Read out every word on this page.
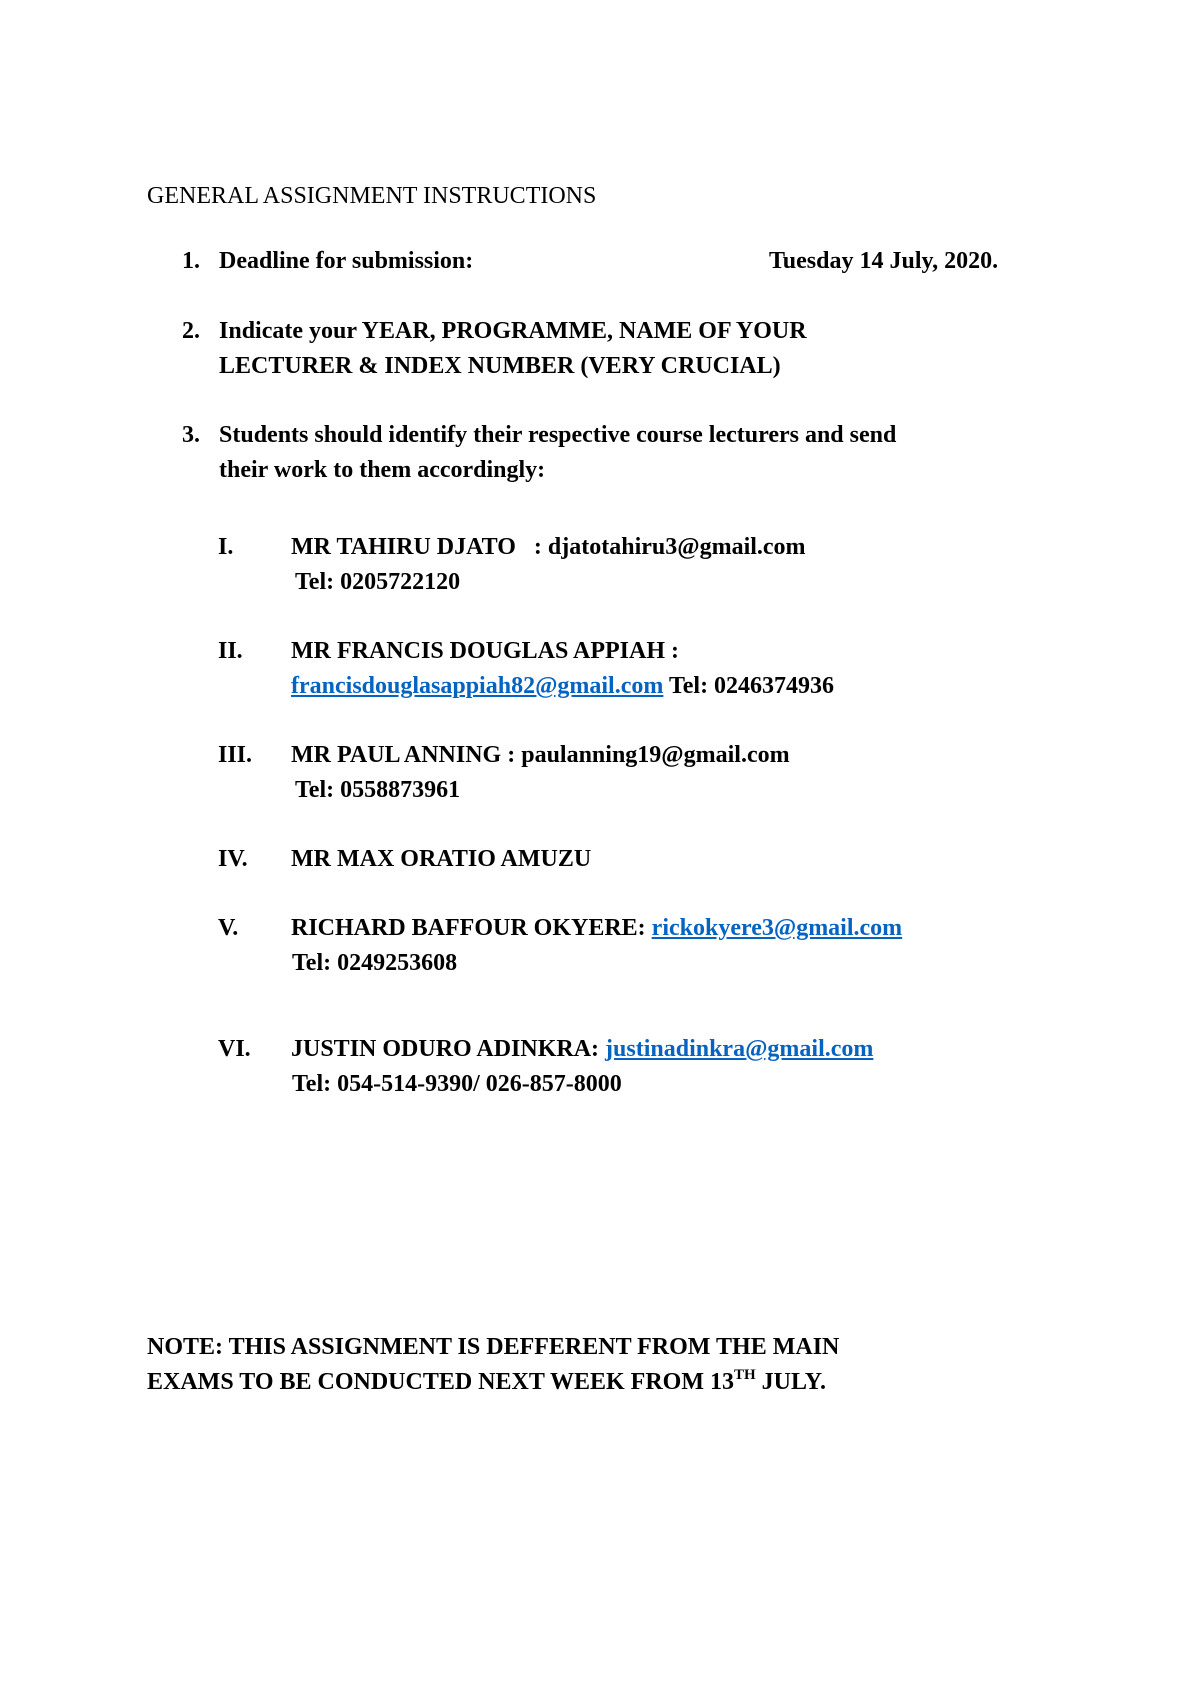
GENERAL ASSIGNMENT INSTRUCTIONS
1. Deadline for submission:	Tuesday 14 July, 2020.
2. Indicate your YEAR, PROGRAMME, NAME OF YOUR
LECTURER & INDEX NUMBER (VERY CRUCIAL)
3. Students should identify their respective course lecturers and send
their work to them accordingly:
I.	MR TAHIRU DJATO   : djatotahiru3@gmail.com
Tel: 0205722120
II.	MR FRANCIS DOUGLAS APPIAH :
francisdouglasappiah82@gmail.com Tel: 0246374936
III.	MR PAUL ANNING : paulanning19@gmail.com
Tel: 0558873961
IV.	MR MAX ORATIO AMUZU
V.	RICHARD BAFFOUR OKYERE: rickokyere3@gmail.com
Tel: 0249253608
VI.	JUSTIN ODURO ADINKRA: justinadinkra@gmail.com
Tel: 054-514-9390/ 026-857-8000
NOTE: THIS ASSIGNMENT IS DEFFERENT FROM THE MAIN
EXAMS TO BE CONDUCTED NEXT WEEK FROM 13TH JULY.
